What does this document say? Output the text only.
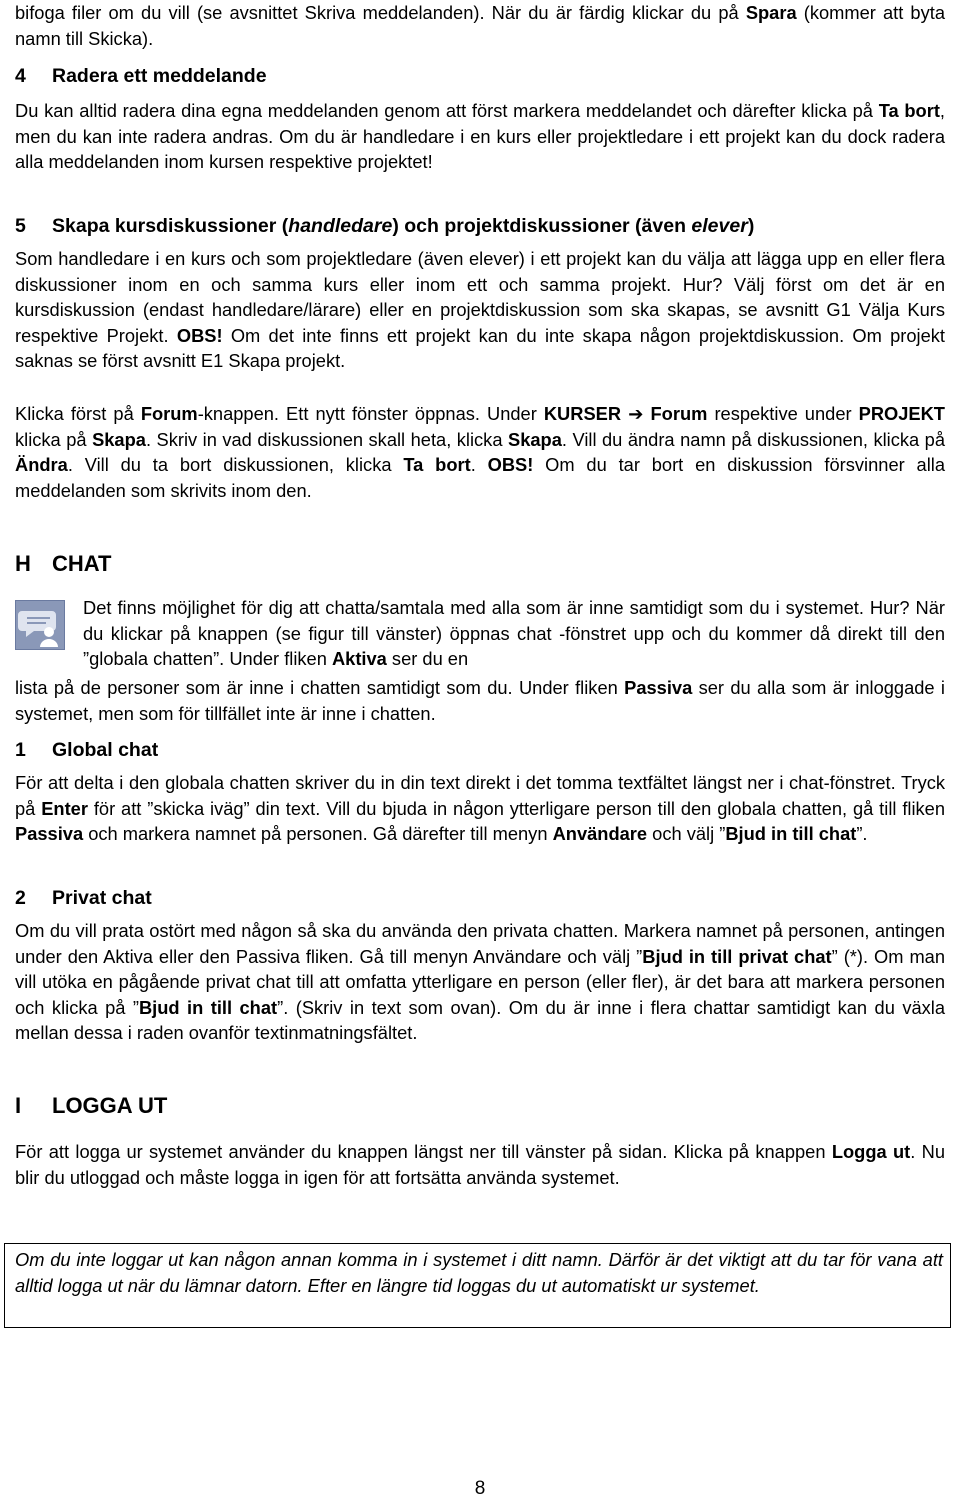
bifoga filer om du vill (se avsnittet Skriva meddelanden). När du är färdig klickar du på Spara (kommer att byta namn till Skicka).

4 Radera ett meddelande

Du kan alltid radera dina egna meddelanden genom att först markera meddelandet och därefter klicka på Ta bort, men du kan inte radera andras. Om du är handledare i en kurs eller projektledare i ett projekt kan du dock radera alla meddelanden inom kursen respektive projektet!

5 Skapa kursdiskussioner (handledare) och projektdiskussioner (även elever)

Som handledare i en kurs och som projektledare (även elever) i ett projekt kan du välja att lägga upp en eller flera diskussioner inom en och samma kurs eller inom ett och samma projekt. Hur? Välj först om det är en kursdiskussion (endast handledare/lärare) eller en projektdiskussion som ska skapas, se avsnitt G1 Välja Kurs respektive Projekt. OBS! Om det inte finns ett projekt kan du inte skapa någon projektdiskussion. Om projekt saknas se först avsnitt E1 Skapa projekt.

Klicka först på Forum-knappen. Ett nytt fönster öppnas. Under KURSER ➔ Forum respektive under PROJEKT klicka på Skapa. Skriv in vad diskussionen skall heta, klicka Skapa. Vill du ändra namn på diskussionen, klicka på Ändra. Vill du ta bort diskussionen, klicka Ta bort. OBS! Om du tar bort en diskussion försvinner alla meddelanden som skrivits inom den.

H CHAT

Det finns möjlighet för dig att chatta/samtala med alla som är inne samtidigt som du i systemet. Hur? När du klickar på knappen (se figur till vänster) öppnas chat -fönstret upp och du kommer då direkt till den ”globala chatten”. Under fliken Aktiva ser du en

lista på de personer som är inne i chatten samtidigt som du. Under fliken Passiva ser du alla som är inloggade i systemet, men som för tillfället inte är inne i chatten.

1 Global chat

För att delta i den globala chatten skriver du in din text direkt i det tomma textfältet längst ner i chat-fönstret. Tryck på Enter för att ”skicka iväg” din text. Vill du bjuda in någon ytterligare person till den globala chatten, gå till fliken Passiva och markera namnet på personen. Gå därefter till menyn Användare och välj ”Bjud in till chat”.

2 Privat chat

Om du vill prata ostört med någon så ska du använda den privata chatten. Markera namnet på personen, antingen under den Aktiva eller den Passiva fliken. Gå till menyn Användare och välj ”Bjud in till privat chat” (*). Om man vill utöka en pågående privat chat till att omfatta ytterligare en person (eller fler), är det bara att markera personen och klicka på ”Bjud in till chat”. (Skriv in text som ovan). Om du är inne i flera chattar samtidigt kan du växla mellan dessa i raden ovanför textinmatningsfältet.

I LOGGA UT

För att logga ur systemet använder du knappen längst ner till vänster på sidan. Klicka på knappen Logga ut. Nu blir du utloggad och måste logga in igen för att fortsätta använda systemet.

Om du inte loggar ut kan någon annan komma in i systemet i ditt namn. Därför är det viktigt att du tar för vana att alltid logga ut när du lämnar datorn. Efter en längre tid loggas du ut automatiskt ur systemet.

8
